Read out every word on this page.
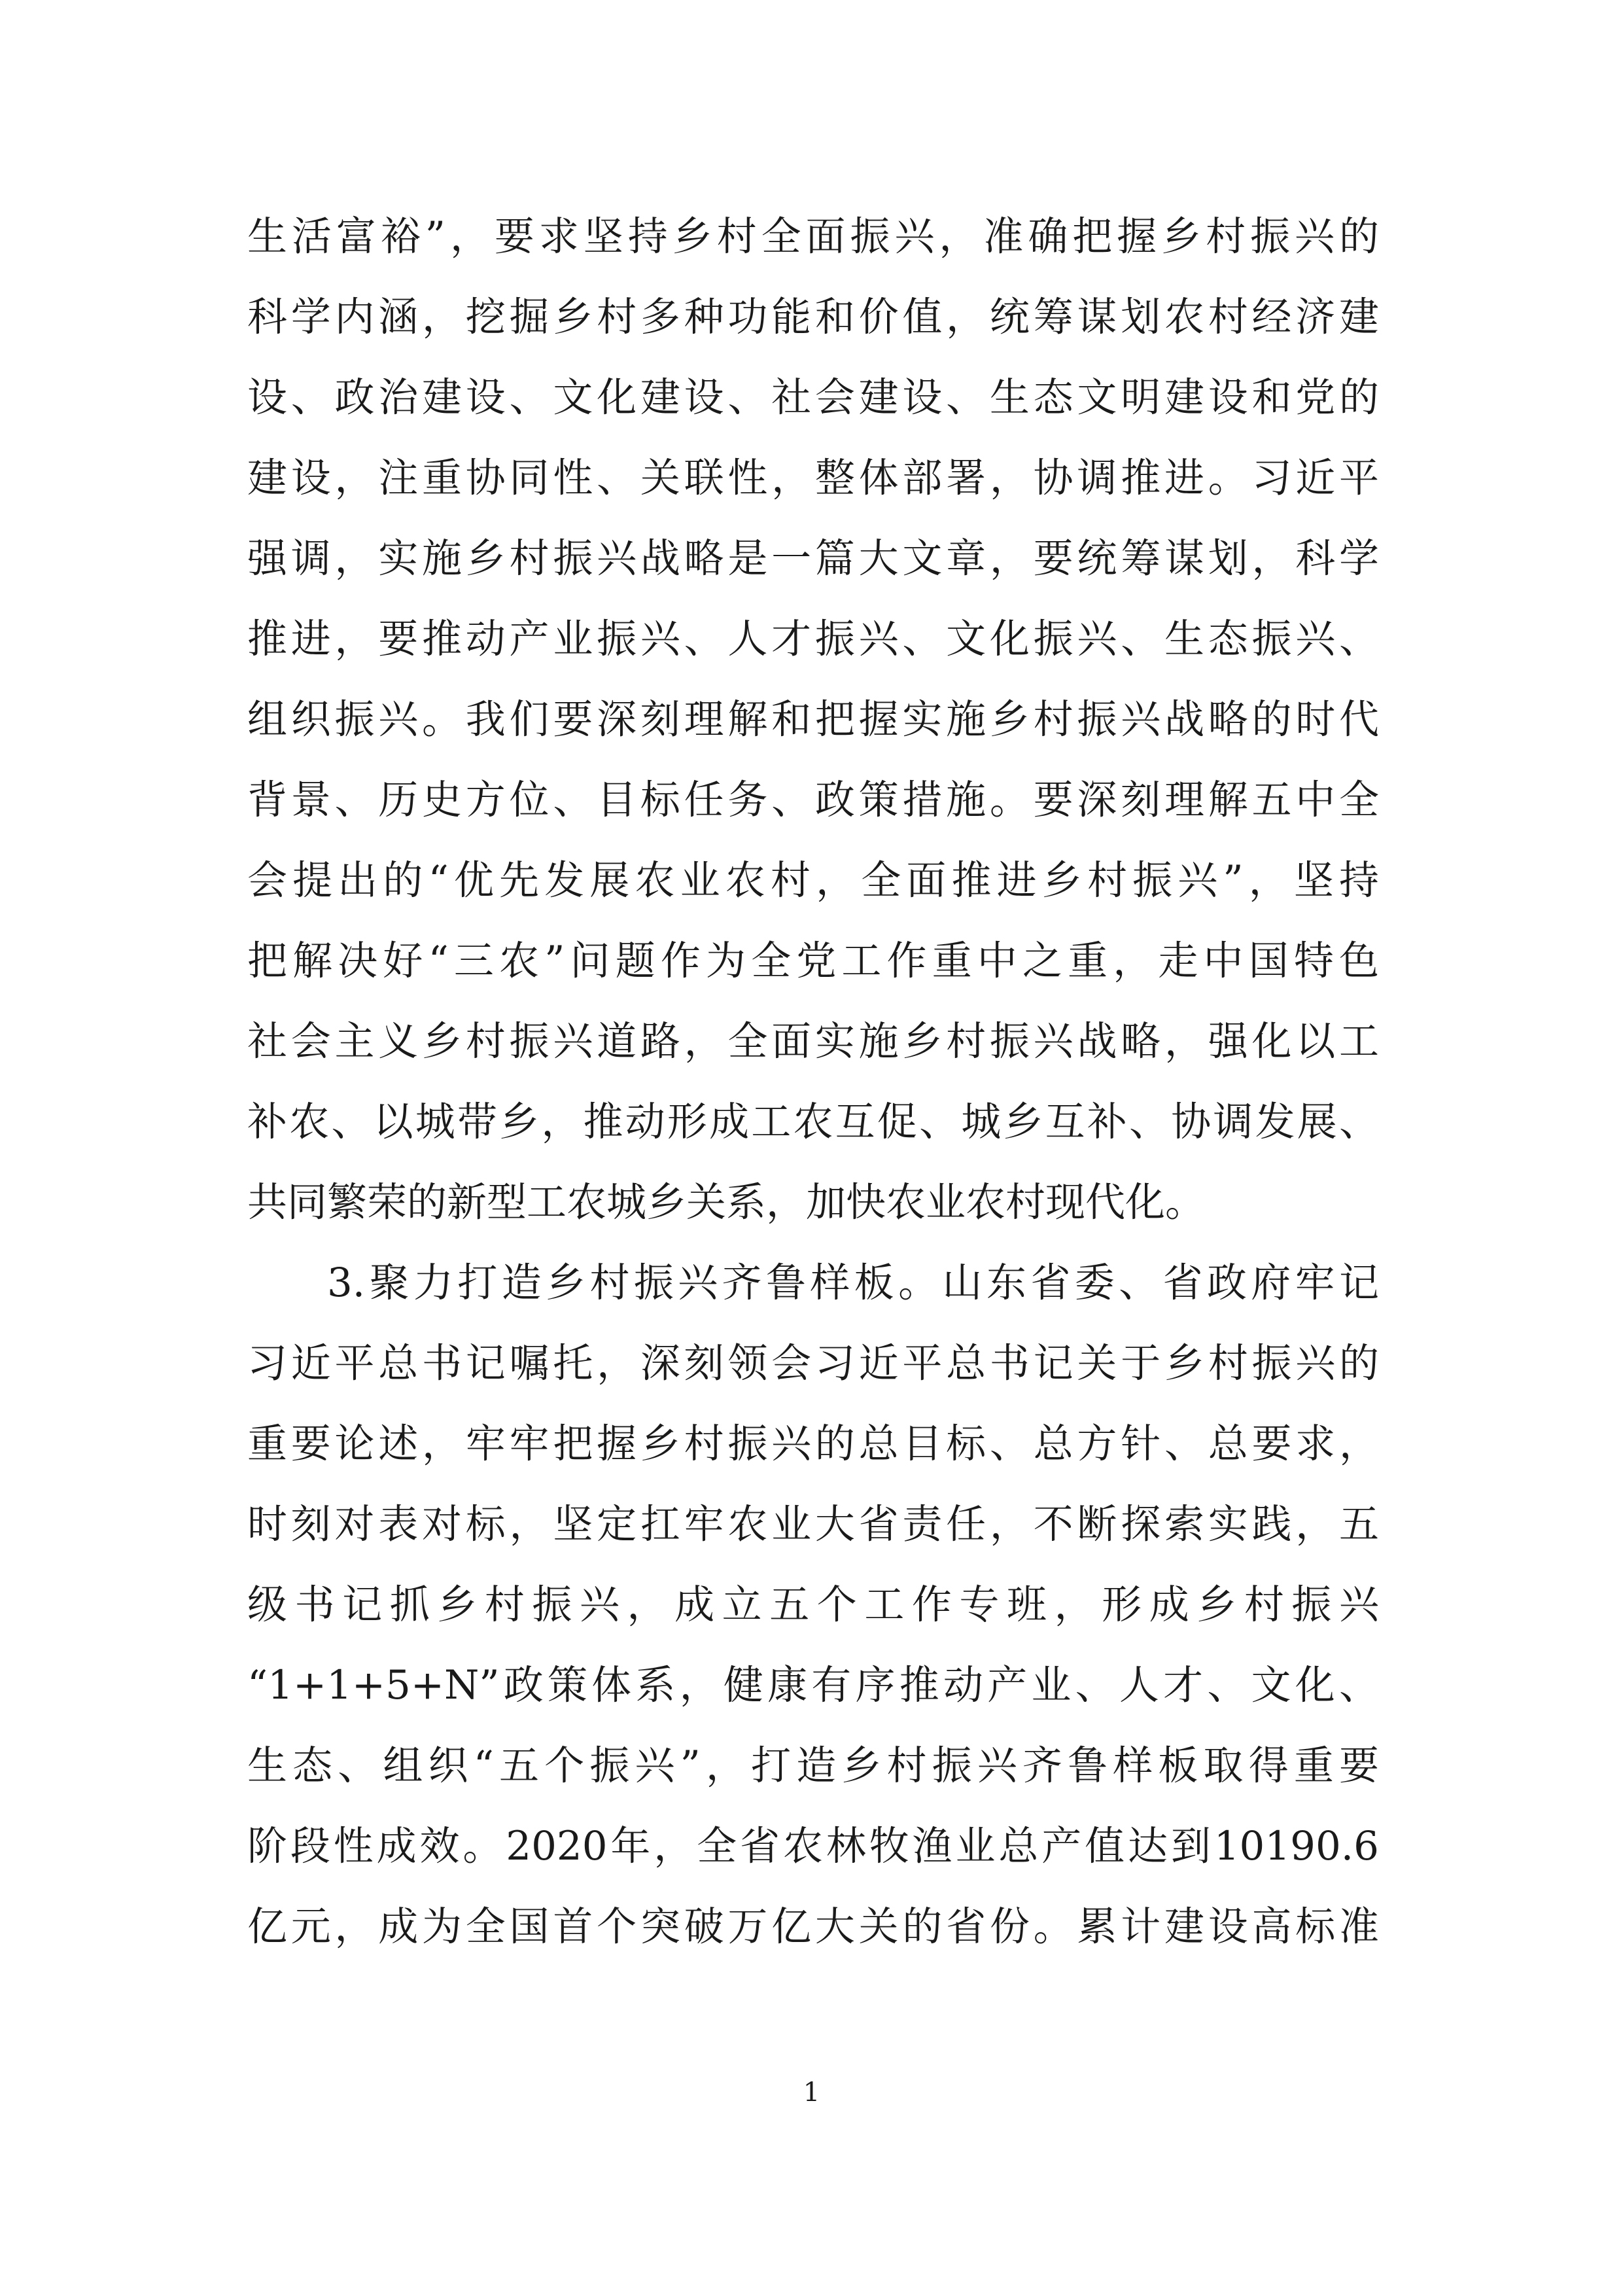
生活富裕”，要求坚持乡村全面振兴，准确把握乡村振兴的
科学内涵，挖掘乡村多种功能和价值，统筹谋划农村经济建
设、政治建设、文化建设、社会建设、生态文明建设和党的
建设，注重协同性、关联性，整体部署，协调推进。习近平
强调，实施乡村振兴战略是一篇大文章，要统筹谋划，科学
推进，要推动产业振兴、人才振兴、文化振兴、生态振兴、
组织振兴。我们要深刻理解和把握实施乡村振兴战略的时代
背景、历史方位、目标任务、政策措施。要深刻理解五中全
会提出的“优先发展农业农村，全面推进乡村振兴”，坚持
把解决好“三农”问题作为全党工作重中之重，走中国特色
社会主义乡村振兴道路，全面实施乡村振兴战略，强化以工
补农、以城带乡，推动形成工农互促、城乡互补、协调发展、
共同繁荣的新型工农城乡关系，加快农业农村现代化。
3.聚力打造乡村振兴齐鲁样板。山东省委、省政府牢记
习近平总书记嘱托，深刻领会习近平总书记关于乡村振兴的
重要论述，牢牢把握乡村振兴的总目标、总方针、总要求，
时刻对表对标，坚定扛牢农业大省责任，不断探索实践，五
级书记抓乡村振兴，成立五个工作专班，形成乡村振兴
“1+1+5+N”政策体系，健康有序推动产业、人才、文化、
生态、组织“五个振兴”，打造乡村振兴齐鲁样板取得重要
阶段性成效。2020年，全省农林牧渔业总产值达到10190.6
亿元，成为全国首个突破万亿大关的省份。累计建设高标准
1
